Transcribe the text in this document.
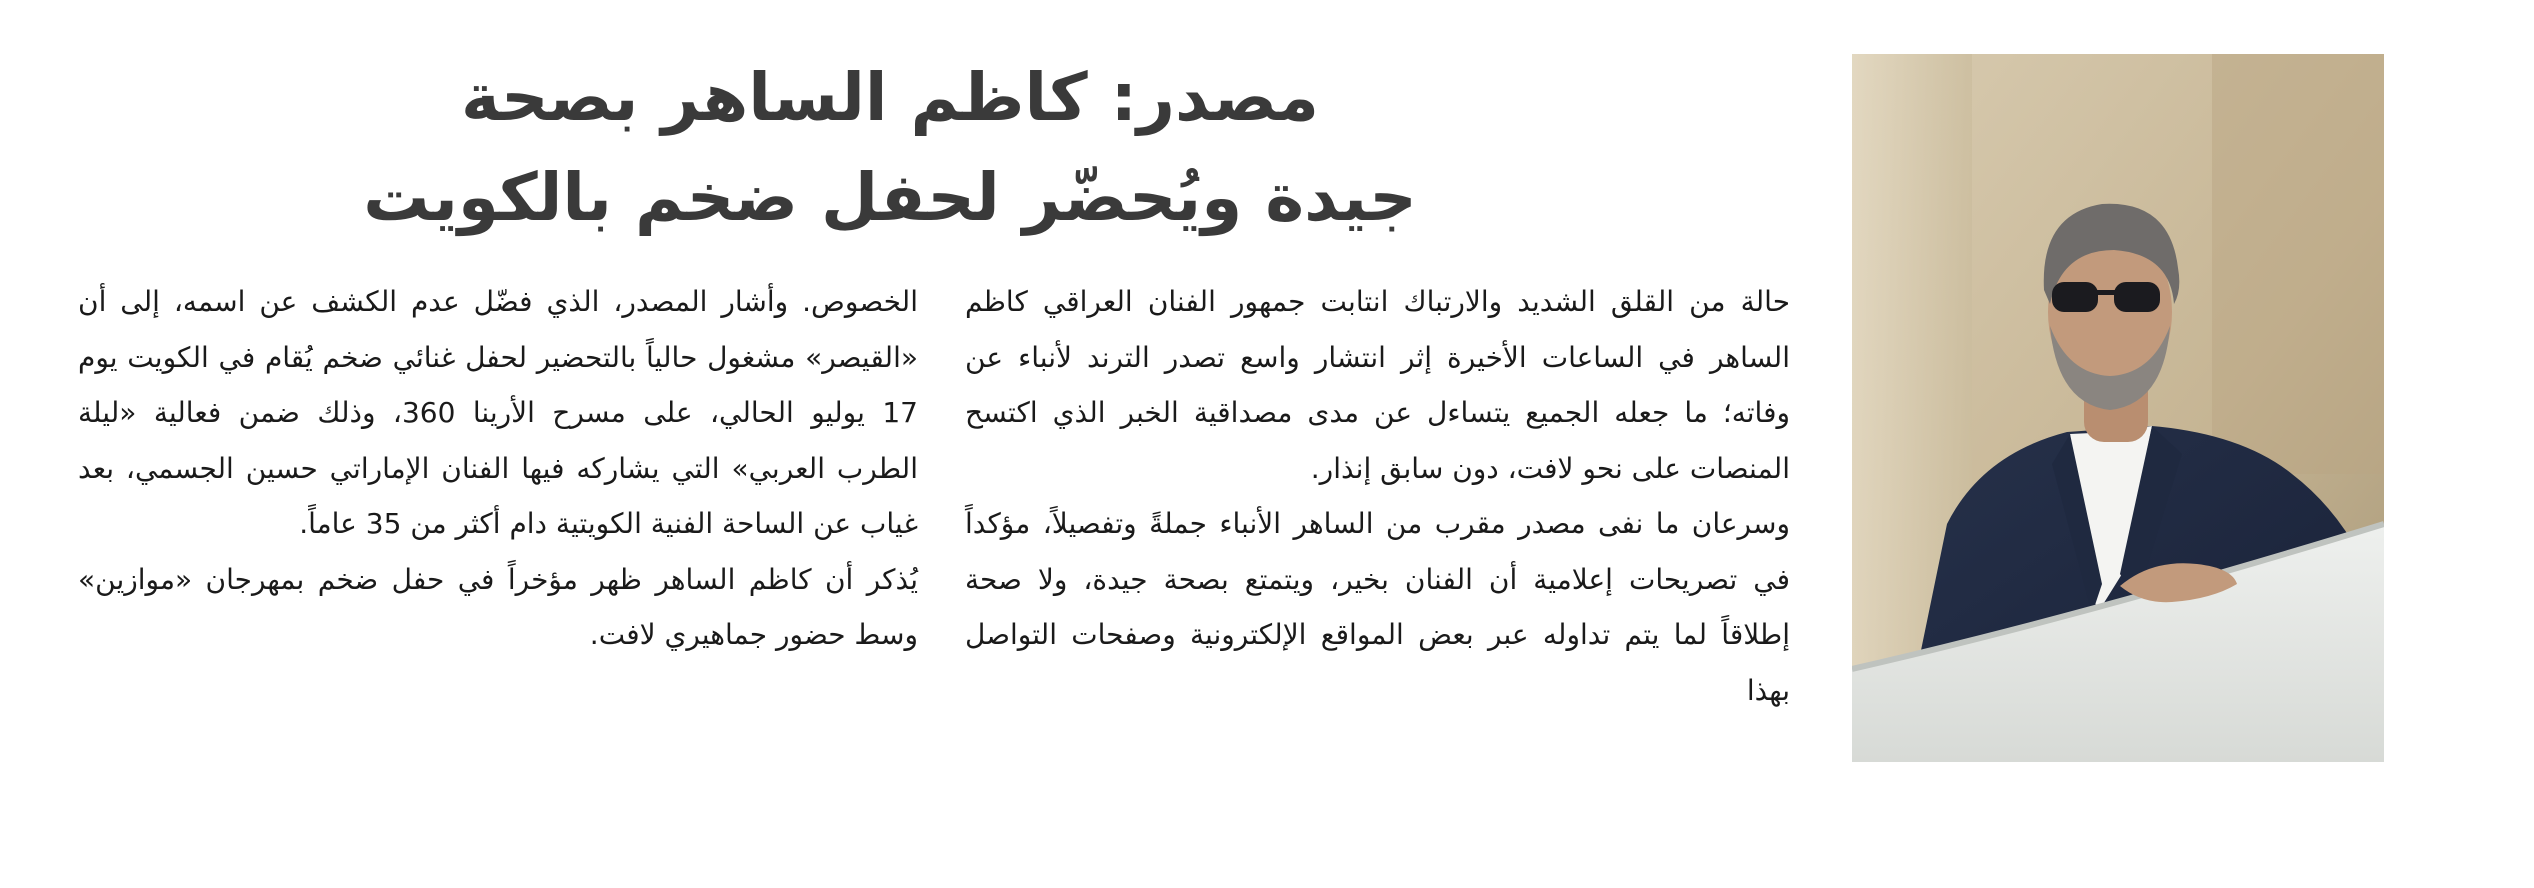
مصدر: كاظم الساهر بصحة
جيدة ويُحضّر لحفل ضخم بالكويت

حالة من القلق الشديد والارتباك انتابت جمهور الفنان العراقي كاظم الساهر في الساعات الأخيرة إثر انتشار واسع تصدر الترند لأنباء عن وفاته؛ ما جعله الجميع يتساءل عن مدى مصداقية الخبر الذي اكتسح المنصات على نحو لافت، دون سابق إنذار.

وسرعان ما نفى مصدر مقرب من الساهر الأنباء جملةً وتفصيلاً، مؤكداً في تصريحات إعلامية أن الفنان بخير، ويتمتع بصحة جيدة، ولا صحة إطلاقاً لما يتم تداوله عبر بعض المواقع الإلكترونية وصفحات التواصل بهذا

الخصوص. وأشار المصدر، الذي فضّل عدم الكشف عن اسمه، إلى أن «القيصر» مشغول حالياً بالتحضير لحفل غنائي ضخم يُقام في الكويت يوم 17 يوليو الحالي، على مسرح الأرينا 360، وذلك ضمن فعالية «ليلة الطرب العربي» التي يشاركه فيها الفنان الإماراتي حسين الجسمي، بعد غياب عن الساحة الفنية الكويتية دام أكثر من 35 عاماً.

يُذكر أن كاظم الساهر ظهر مؤخراً في حفل ضخم بمهرجان «موازين» وسط حضور جماهيري لافت.
